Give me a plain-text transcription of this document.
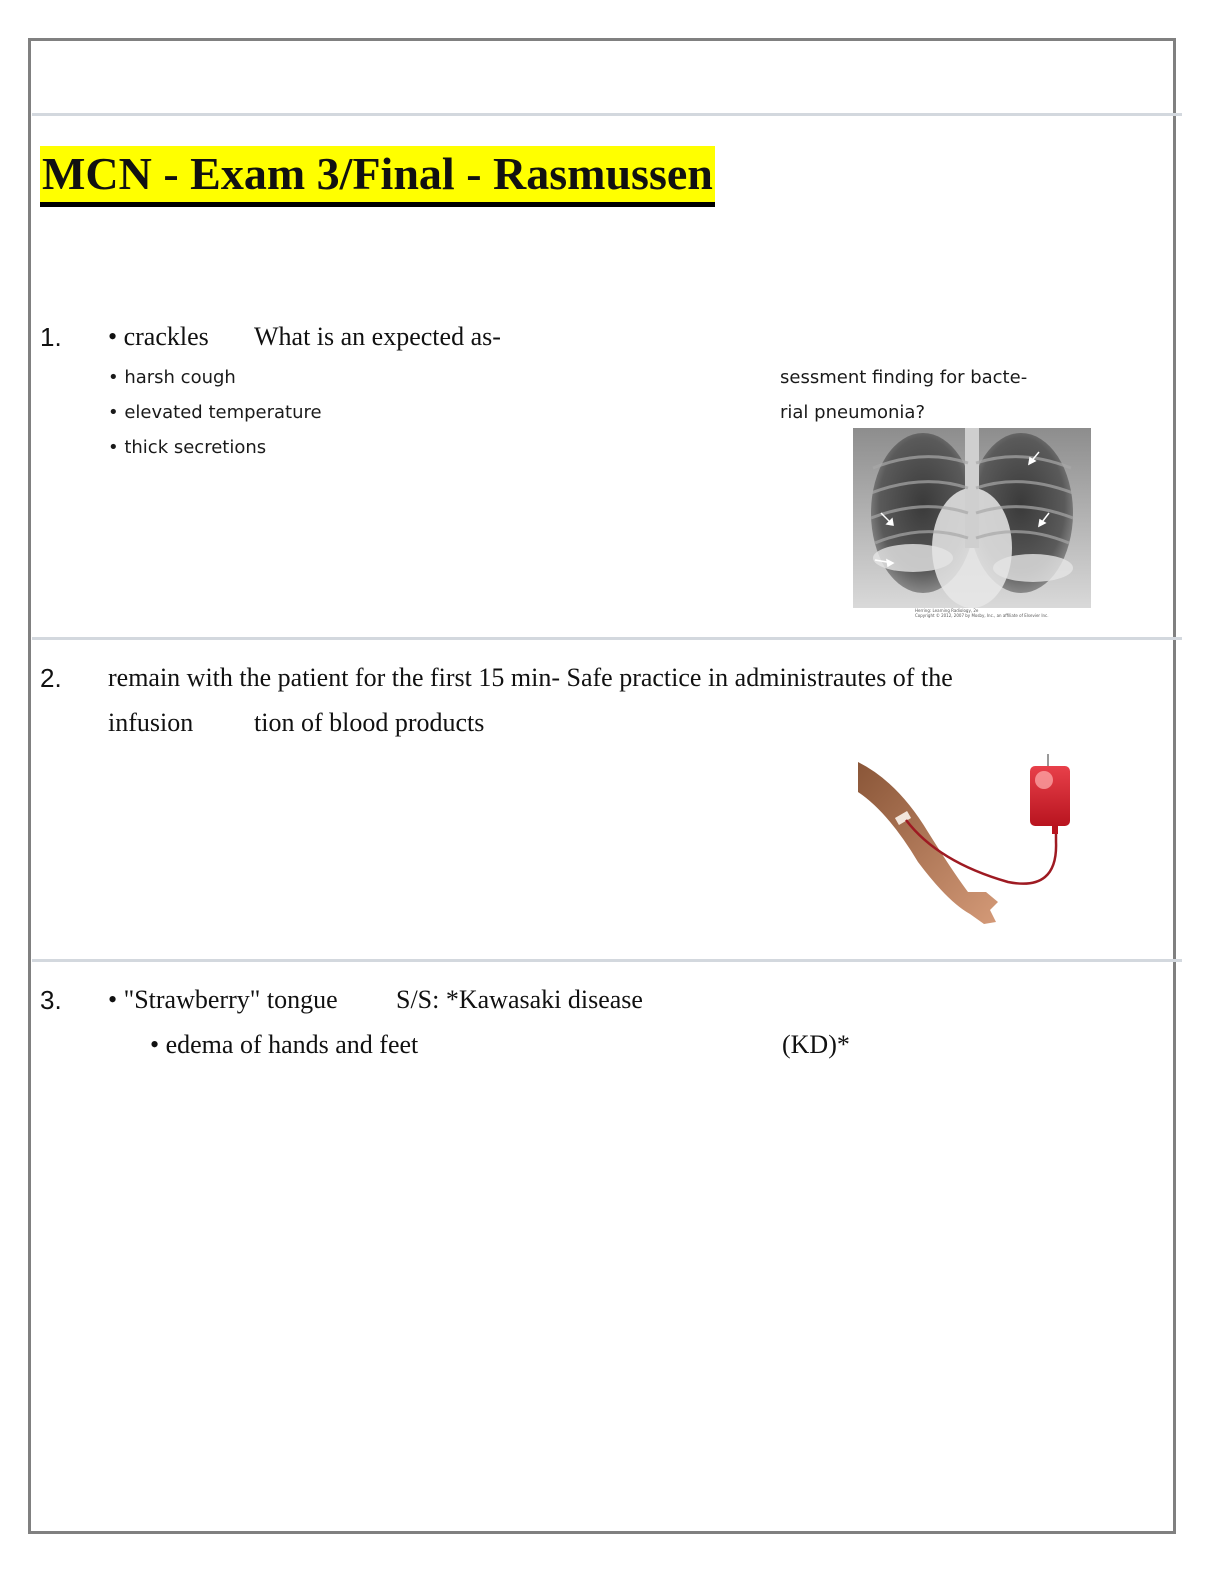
MCN - Exam 3/Final - Rasmussen
1. • crackles What is an expected as-
• harsh cough
• elevated temperature
• thick secretions
sessment finding for bacte-
rial pneumonia?
Herring: Learning Radiology, 2e
Copyright © 2012, 2007 by Mosby, Inc., an affiliate of Elsevier Inc.
2. remain with the patient for the first 15 min- Safe practice in administrautes of the
infusion tion of blood products
3. • "Strawberry" tongue S/S: *Kawasaki disease
• edema of hands and feet	(KD)*
